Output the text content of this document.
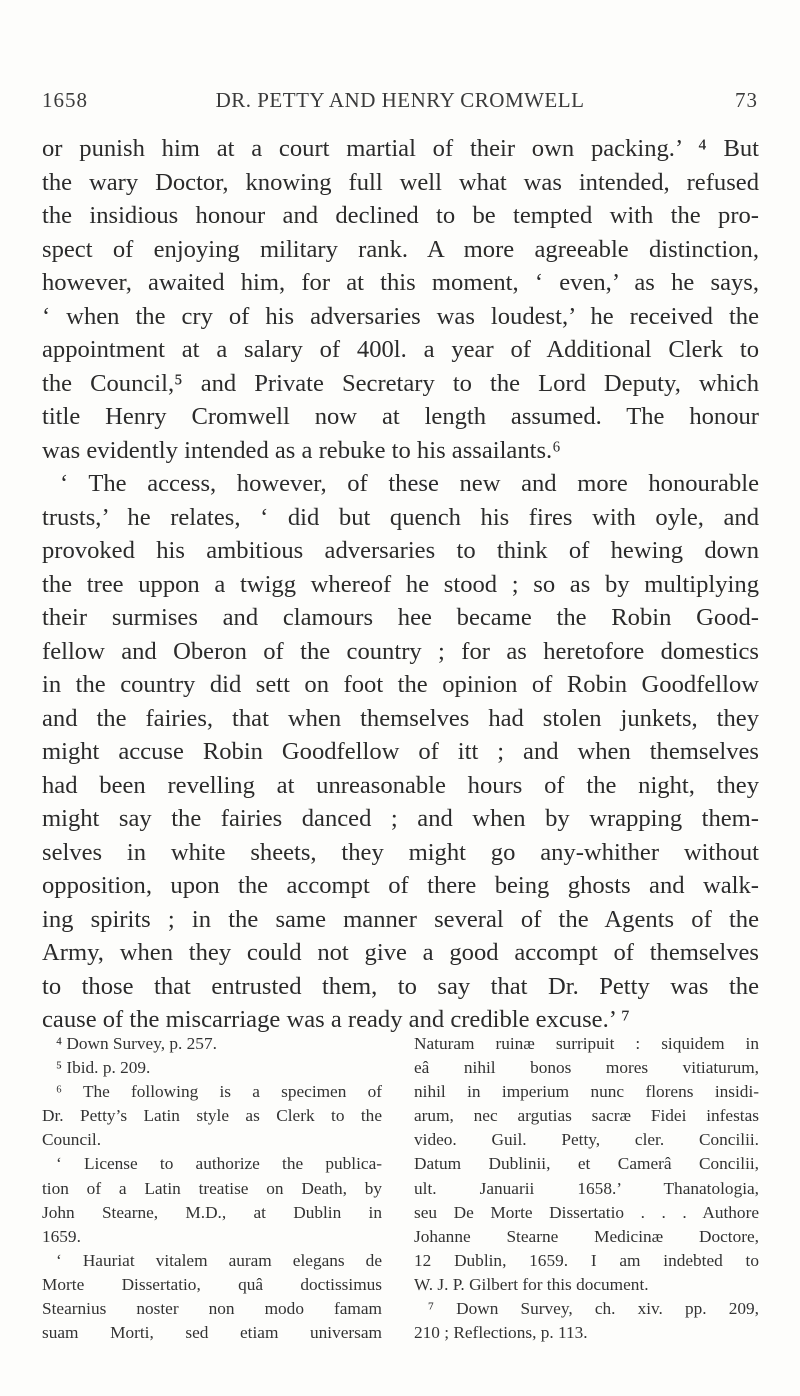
1658	DR. PETTY AND HENRY CROMWELL	73
or punish him at a court martial of their own packing.’ ⁴ But
the wary Doctor, knowing full well what was intended, refused
the insidious honour and declined to be tempted with the pro-
spect of enjoying military rank. A more agreeable distinction,
however, awaited him, for at this moment, ‘ even,’ as he says,
‘ when the cry of his adversaries was loudest,’ he received the
appointment at a salary of 400l. a year of Additional Clerk to
the Council,⁵ and Private Secretary to the Lord Deputy, which
title Henry Cromwell now at length assumed. The honour
was evidently intended as a rebuke to his assailants.⁶
‘ The access, however, of these new and more honourable
trusts,’ he relates, ‘ did but quench his fires with oyle, and
provoked his ambitious adversaries to think of hewing down
the tree uppon a twigg whereof he stood ; so as by multiplying
their surmises and clamours hee became the Robin Good-
fellow and Oberon of the country ; for as heretofore domestics
in the country did sett on foot the opinion of Robin Goodfellow
and the fairies, that when themselves had stolen junkets, they
might accuse Robin Goodfellow of itt ; and when themselves
had been revelling at unreasonable hours of the night, they
might say the fairies danced ; and when by wrapping them-
selves in white sheets, they might go any-whither without
opposition, upon the accompt of there being ghosts and walk-
ing spirits ; in the same manner several of the Agents of the
Army, when they could not give a good accompt of themselves
to those that entrusted them, to say that Dr. Petty was the
cause of the miscarriage was a ready and credible excuse.’ ⁷
⁴ Down Survey, p. 257.
⁵ Ibid. p. 209.
⁶ The following is a specimen of
Dr. Petty’s Latin style as Clerk to the
Council.
‘ License to authorize the publica-
tion of a Latin treatise on Death, by
John Stearne, M.D., at Dublin in
1659.
‘ Hauriat vitalem auram elegans de
Morte Dissertatio, quâ doctissimus
Stearnius noster non modo famam
suam Morti, sed etiam universam
Naturam ruinæ surripuit : siquidem in
eâ nihil bonos mores vitiaturum,
nihil in imperium nunc florens insidi-
arum, nec argutias sacræ Fidei infestas
video. Guil. Petty, cler. Concilii.
Datum Dublinii, et Camerâ Concilii,
ult. Januarii 1658.’ Thanatologia,
seu De Morte Dissertatio . . . Authore
Johanne Stearne Medicinæ Doctore,
12 Dublin, 1659. I am indebted to
W. J. P. Gilbert for this document.
⁷ Down Survey, ch. xiv. pp. 209,
210 ; Reflections, p. 113.
